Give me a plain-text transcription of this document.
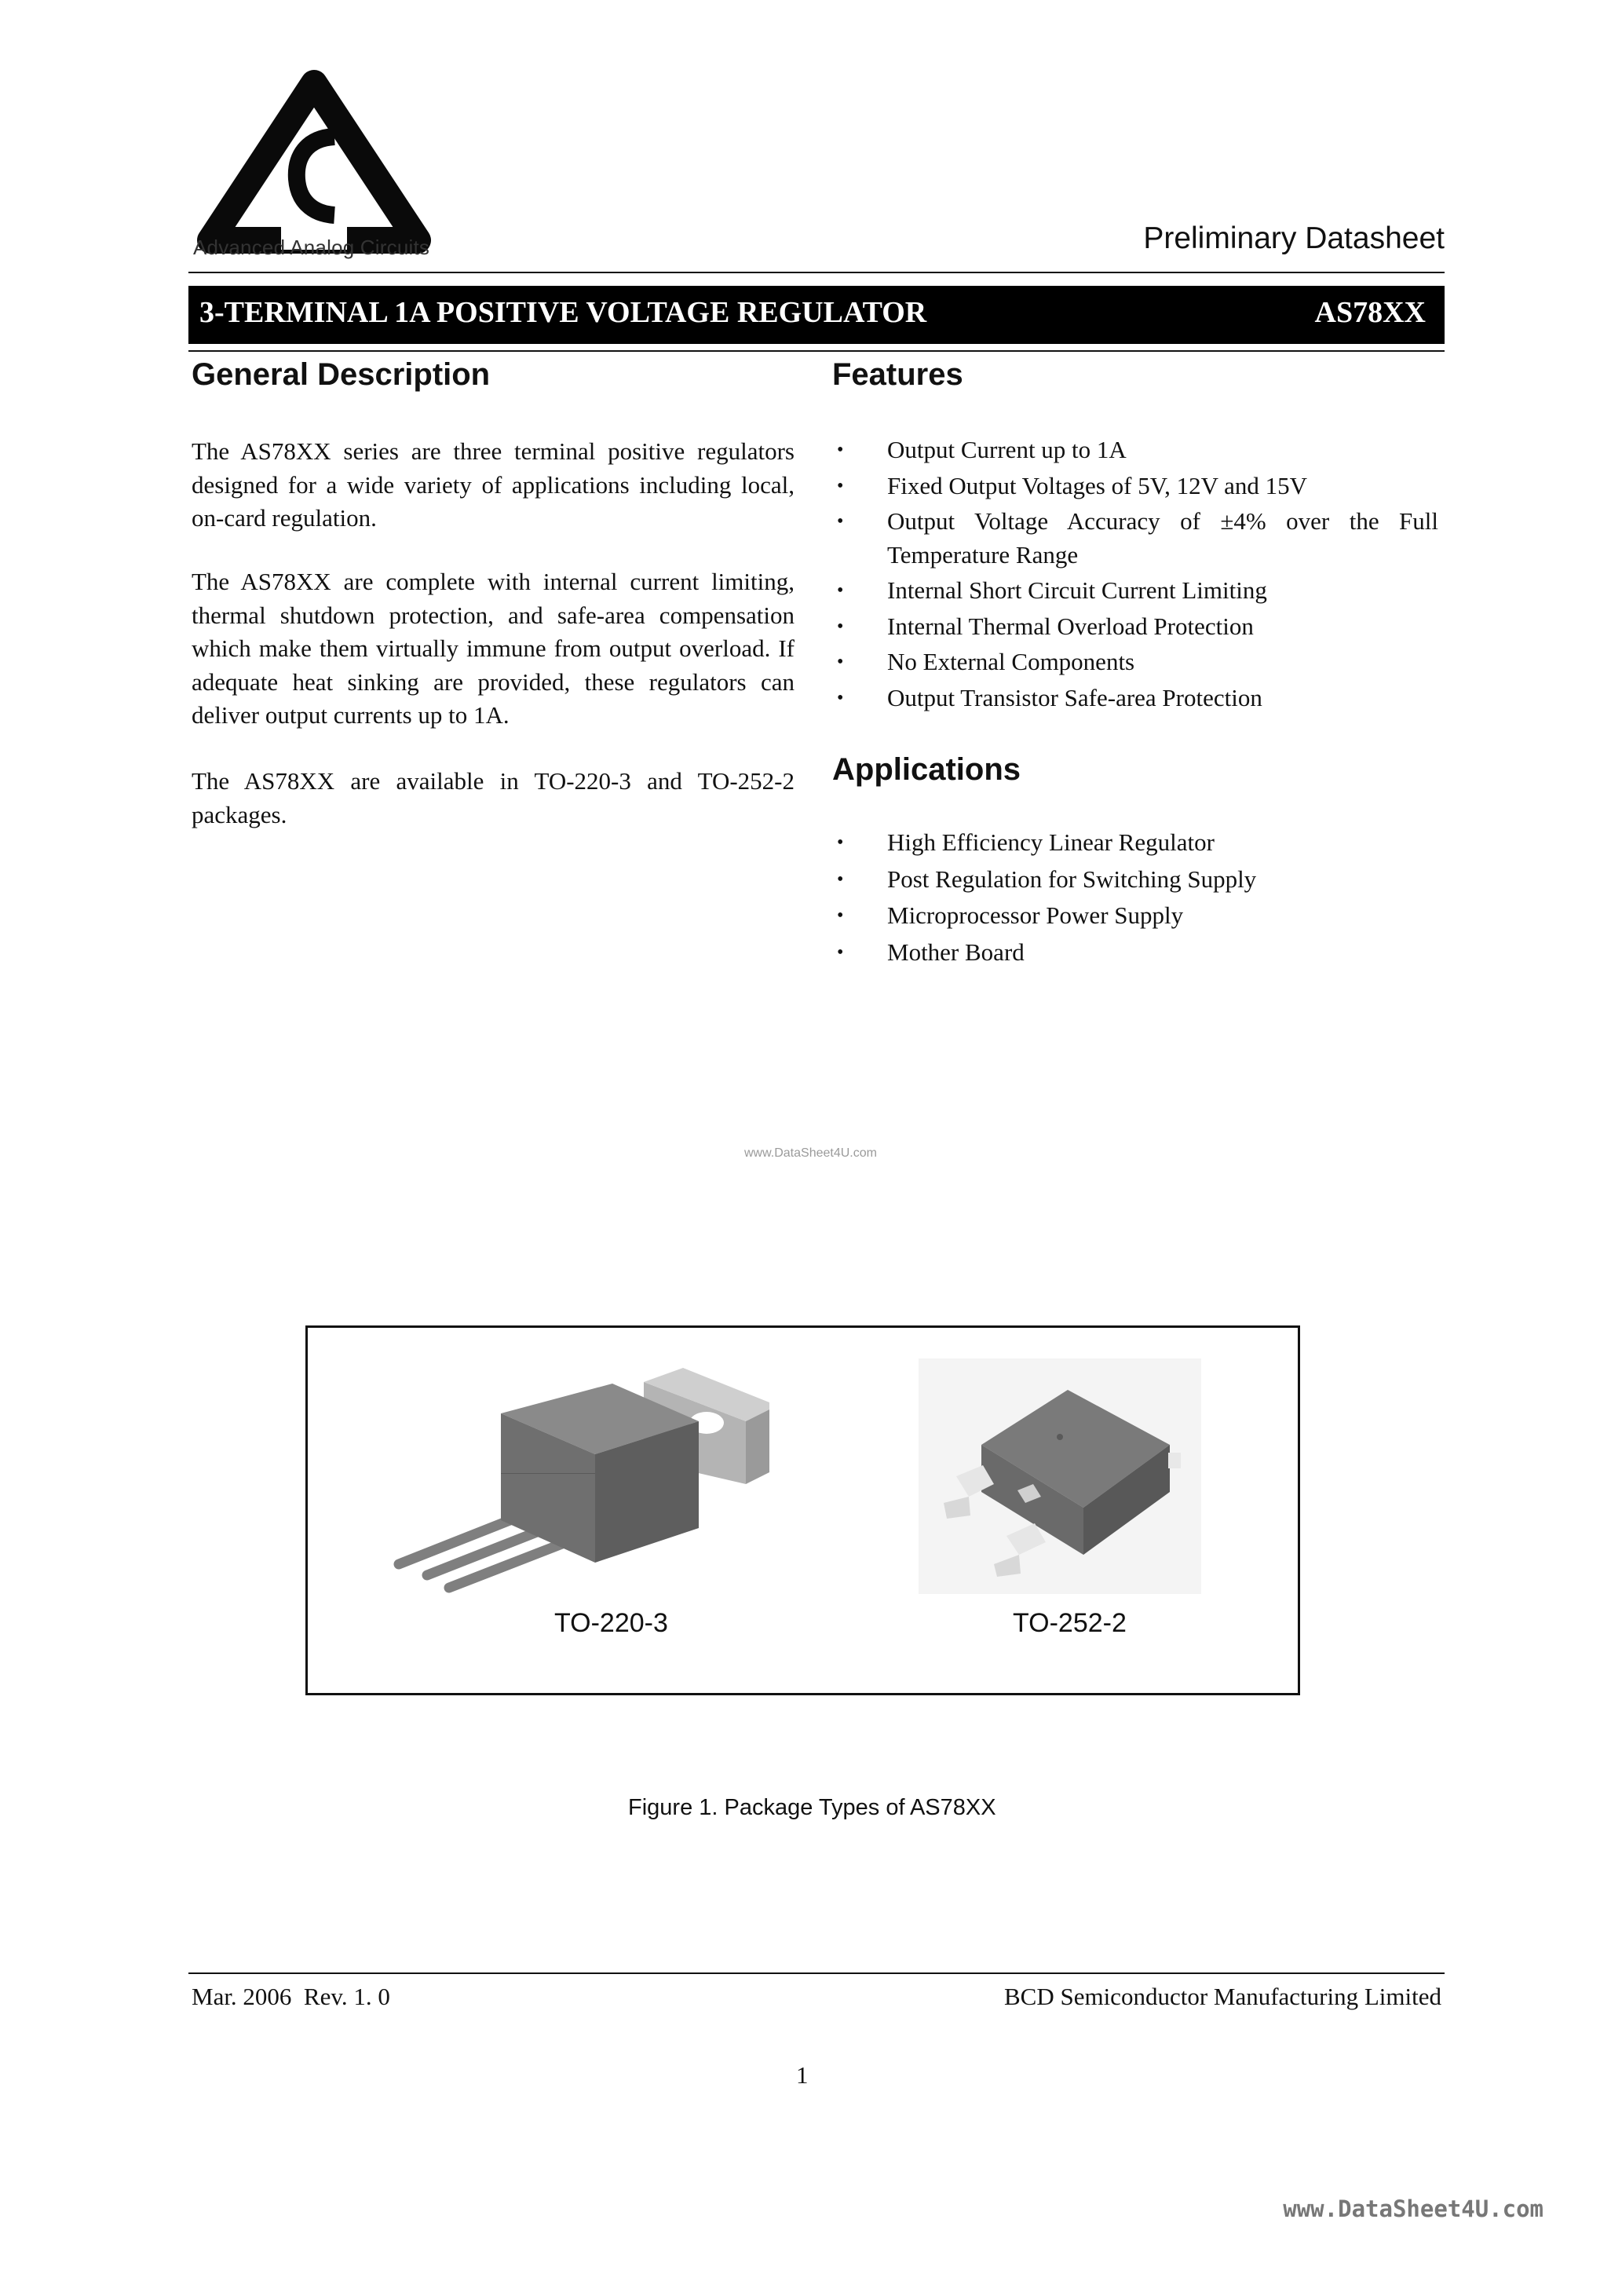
Advanced Analog Circuits	Preliminary Datasheet
3-TERMINAL 1A POSITIVE VOLTAGE REGULATOR	AS78XX
General Description
The AS78XX series are three terminal positive regulators designed for a wide variety of applications including local, on-card regulation.
The AS78XX are complete with internal current limiting, thermal shutdown protection, and safe-area compensation which make them virtually immune from output overload. If adequate heat sinking are provided, these regulators can deliver output currents up to 1A.
The AS78XX are available in TO-220-3 and TO-252-2 packages.
Features
• Output Current up to 1A
• Fixed Output Voltages of 5V, 12V and 15V
• Output Voltage Accuracy of ±4% over the Full Temperature Range
• Internal Short Circuit Current Limiting
• Internal Thermal Overload Protection
• No External Components
• Output Transistor Safe-area Protection
Applications
• High Efficiency Linear Regulator
• Post Regulation for Switching Supply
• Microprocessor Power Supply
• Mother Board
www.DataSheet4U.com
TO-220-3	TO-252-2
Figure 1. Package Types of AS78XX
Mar. 2006  Rev. 1. 0	BCD Semiconductor Manufacturing Limited
1
www.DataSheet4U.com
